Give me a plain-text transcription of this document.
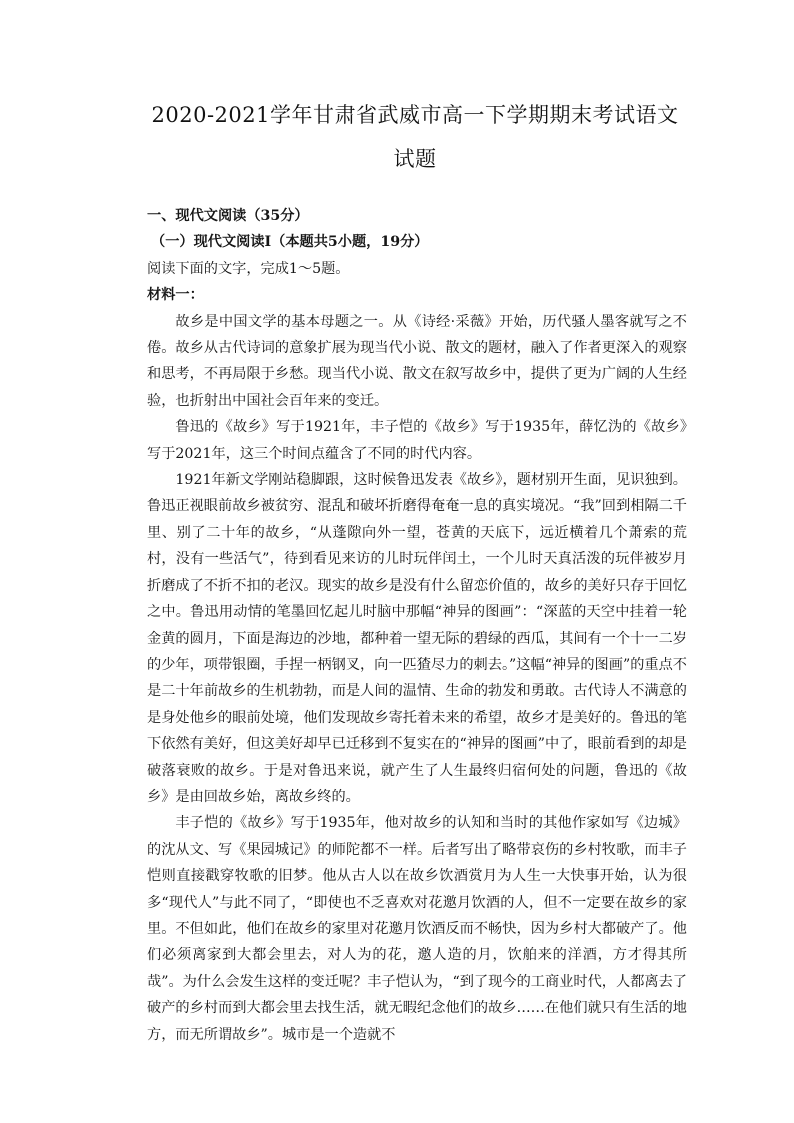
2020-2021学年甘肃省武威市高一下学期期末考试语文
试题

一、现代文阅读（35分）

（一）现代文阅读Ⅰ（本题共5小题，19分）

阅读下面的文字，完成1～5题。

材料一：

故乡是中国文学的基本母题之一。从《诗经·采薇》开始，历代骚人墨客就写之不倦。故乡从古代诗词的意象扩展为现当代小说、散文的题材，融入了作者更深入的观察和思考，不再局限于乡愁。现当代小说、散文在叙写故乡中，提供了更为广阔的人生经验，也折射出中国社会百年来的变迁。

鲁迅的《故乡》写于1921年，丰子恺的《故乡》写于1935年，薛忆沩的《故乡》写于2021年，这三个时间点蕴含了不同的时代内容。

1921年新文学刚站稳脚跟，这时候鲁迅发表《故乡》，题材别开生面，见识独到。鲁迅正视眼前故乡被贫穷、混乱和破坏折磨得奄奄一息的真实境况。“我”回到相隔二千里、别了二十年的故乡，“从蓬隙向外一望，苍黄的天底下，远近横着几个萧索的荒村，没有一些活气”，待到看见来访的儿时玩伴闰土，一个儿时天真活泼的玩伴被岁月折磨成了不折不扣的老汉。现实的故乡是没有什么留恋价值的，故乡的美好只存于回忆之中。鲁迅用动情的笔墨回忆起儿时脑中那幅“神异的图画”：“深蓝的天空中挂着一轮金黄的圆月，下面是海边的沙地，都种着一望无际的碧绿的西瓜，其间有一个十一二岁的少年，项带银圈，手捏一柄钢叉，向一匹猹尽力的刺去。”这幅“神异的图画”的重点不是二十年前故乡的生机勃勃，而是人间的温情、生命的勃发和勇敢。古代诗人不满意的是身处他乡的眼前处境，他们发现故乡寄托着未来的希望，故乡才是美好的。鲁迅的笔下依然有美好，但这美好却早已迁移到不复实在的“神异的图画”中了，眼前看到的却是破落衰败的故乡。于是对鲁迅来说，就产生了人生最终归宿何处的问题，鲁迅的《故乡》是由回故乡始，离故乡终的。

丰子恺的《故乡》写于1935年，他对故乡的认知和当时的其他作家如写《边城》的沈从文、写《果园城记》的师陀都不一样。后者写出了略带哀伤的乡村牧歌，而丰子恺则直接戳穿牧歌的旧梦。他从古人以在故乡饮酒赏月为人生一大快事开始，认为很多“现代人”与此不同了，“即使也不乏喜欢对花邀月饮酒的人，但不一定要在故乡的家里。不但如此，他们在故乡的家里对花邀月饮酒反而不畅快，因为乡村大都破产了。他们必须离家到大都会里去，对人为的花，邀人造的月，饮舶来的洋酒，方才得其所哉”。为什么会发生这样的变迁呢？丰子恺认为，“到了现今的工商业时代，人都离去了破产的乡村而到大都会里去找生活，就无暇纪念他们的故乡……在他们就只有生活的地方，而无所谓故乡”。城市是一个造就不
